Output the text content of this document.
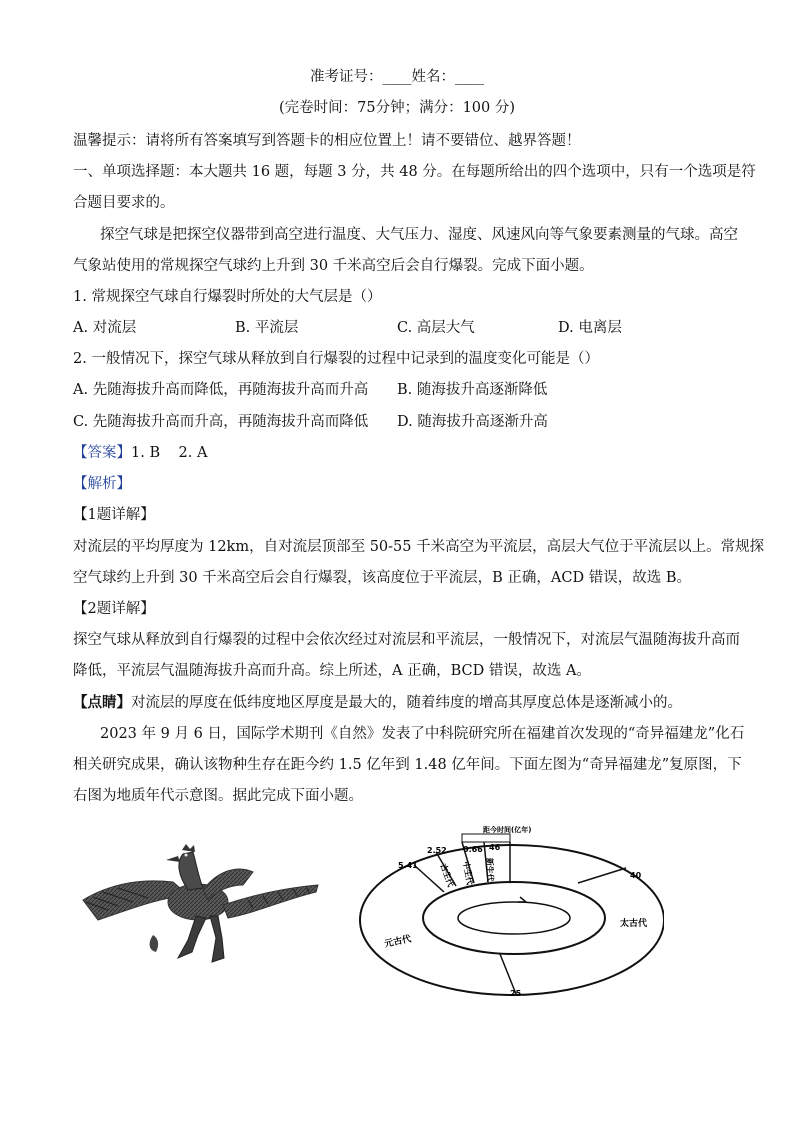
准考证号：____姓名：____
(完卷时间：75分钟；满分：100 分)
温馨提示：请将所有答案填写到答题卡的相应位置上！请不要错位、越界答题！
一、单项选择题：本大题共 16 题，每题 3 分，共 48 分。在每题所给出的四个选项中，只有一个选项是符
合题目要求的。
探空气球是把探空仪器带到高空进行温度、大气压力、湿度、风速风向等气象要素测量的气球。高空
气象站使用的常规探空气球约上升到 30 千米高空后会自行爆裂。完成下面小题。
1. 常规探空气球自行爆裂时所处的大气层是（）
A. 对流层	B. 平流层	C. 高层大气	D. 电离层
2. 一般情况下，探空气球从释放到自行爆裂的过程中记录到的温度变化可能是（）
A. 先随海拔升高而降低，再随海拔升高而升高 B. 随海拔升高逐渐降低
C. 先随海拔升高而升高，再随海拔升高而降低 D. 随海拔升高逐渐升高
【答案】1. B    2. A
【解析】
【1题详解】
对流层的平均厚度为 12km，自对流层顶部至 50-55 千米高空为平流层，高层大气位于平流层以上。常规探
空气球约上升到 30 千米高空后会自行爆裂，该高度位于平流层，B 正确，ACD 错误，故选 B。
【2题详解】
探空气球从释放到自行爆裂的过程中会依次经过对流层和平流层，一般情况下，对流层气温随海拔升高而
降低，平流层气温随海拔升高而升高。综上所述，A 正确，BCD 错误，故选 A。
【点睛】对流层的厚度在低纬度地区厚度是最大的，随着纬度的增高其厚度总体是逐渐减小的。
2023 年 9 月 6 日，国际学术期刊《自然》发表了中科院研究所在福建首次发现的“奇异福建龙”化石
相关研究成果，确认该物种生存在距今约 1.5 亿年到 1.48 亿年间。下面左图为“奇异福建龙”复原图，下
右图为地质年代示意图。据此完成下面小题。
距今时间(亿年)
5.41
2.52 0.66 46
40
25
古生代 中生代 新生代
太古代
元古代
